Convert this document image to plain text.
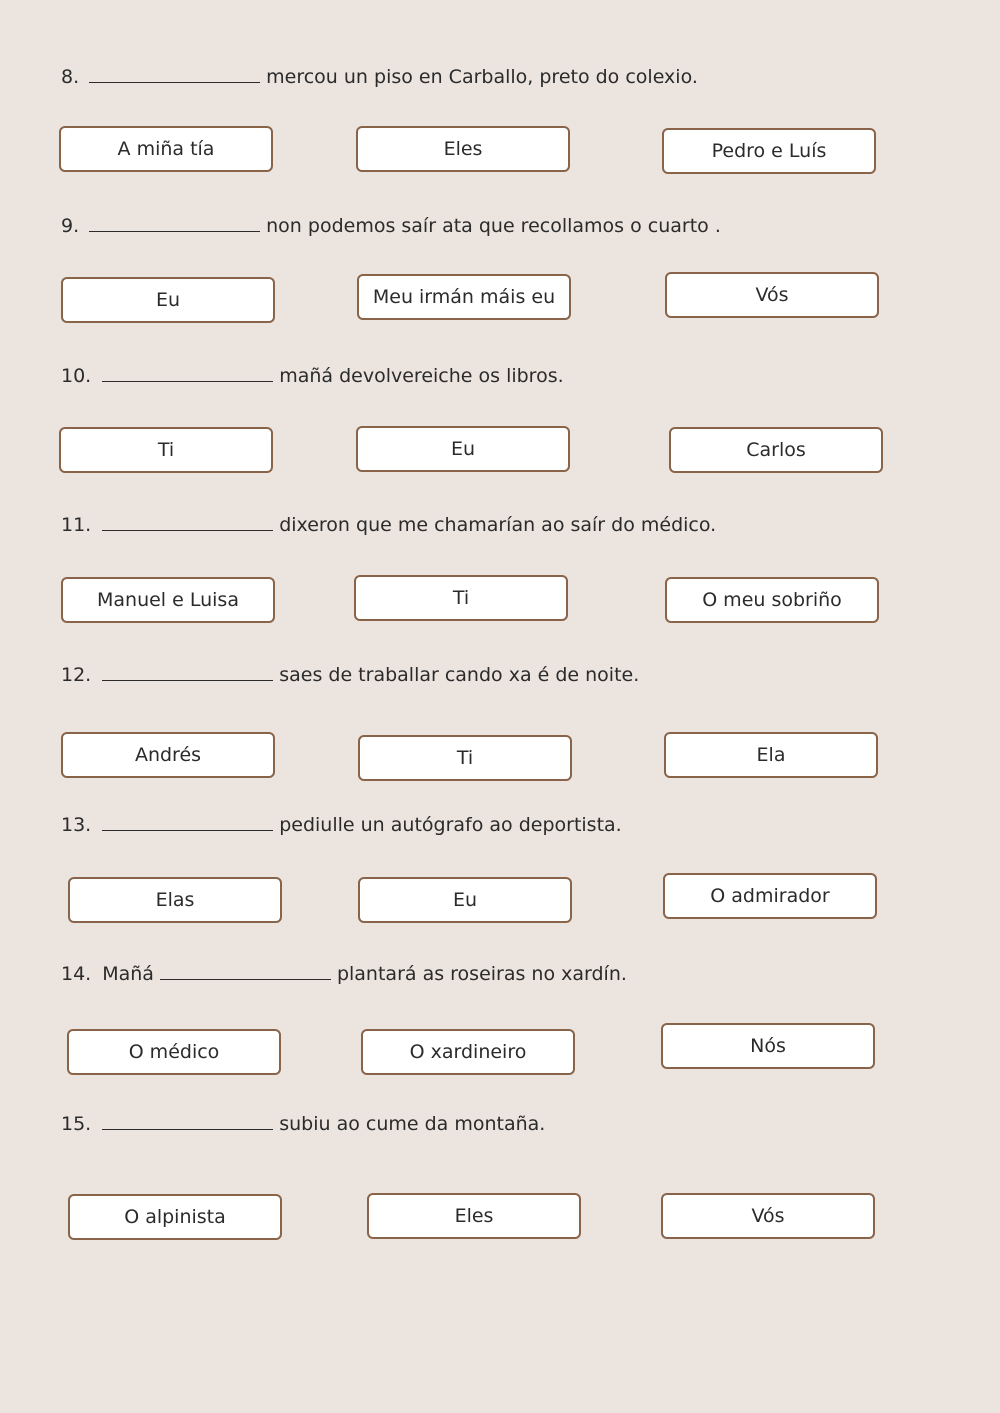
8.	mercou un piso en Carballo, preto do colexio.
A miña tía	Eles	Pedro e Luís
9.	non podemos saír ata que recollamos o cuarto .
Eu	Meu irmán máis eu	Vós
10.	mañá devolvereiche os libros.
Ti	Eu	Carlos
11.	dixeron que me chamarían ao saír do médico.
Manuel e Luisa	Ti	O meu sobriño
12.	saes de traballar cando xa é de noite.
Andrés	Ti	Ela
13.	pediulle un autógrafo ao deportista.
Elas	Eu	O admirador
14. Mañá	plantará as roseiras no xardín.
O médico	O xardineiro	Nós
15.	subiu ao cume da montaña.
O alpinista	Eles	Vós
